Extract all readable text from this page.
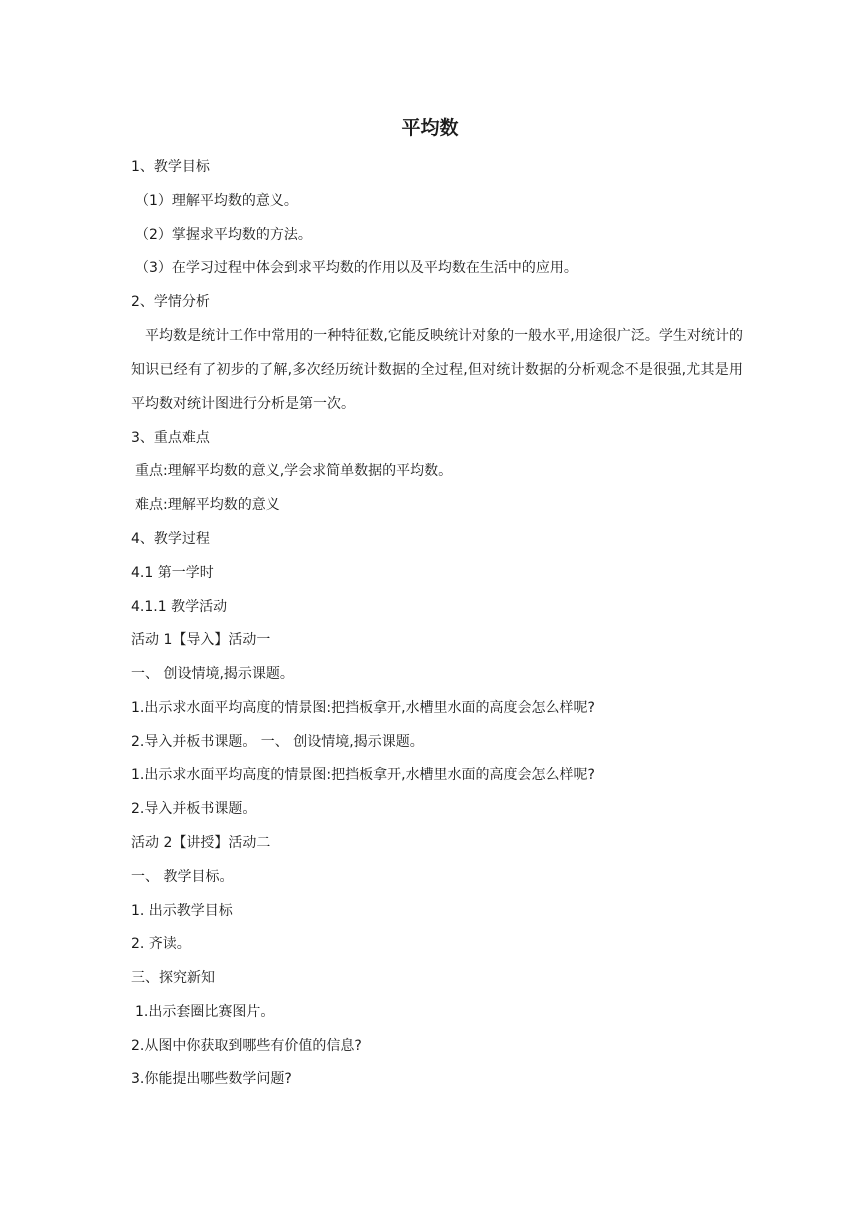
平均数
1、教学目标
（1）理解平均数的意义。
（2）掌握求平均数的方法。
（3）在学习过程中体会到求平均数的作用以及平均数在生活中的应用。
2、学情分析
平均数是统计工作中常用的一种特征数,它能反映统计对象的一般水平,用途很广泛。学生对统计的知识已经有了初步的了解,多次经历统计数据的全过程,但对统计数据的分析观念不是很强,尤其是用平均数对统计图进行分析是第一次。
3、重点难点
重点:理解平均数的意义,学会求简单数据的平均数。
难点:理解平均数的意义
4、教学过程
4.1 第一学时
4.1.1 教学活动
活动 1【导入】活动一
一、 创设情境,揭示课题。
1.出示求水面平均高度的情景图:把挡板拿开,水槽里水面的高度会怎么样呢?
2.导入并板书课题。 一、 创设情境,揭示课题。
1.出示求水面平均高度的情景图:把挡板拿开,水槽里水面的高度会怎么样呢?
2.导入并板书课题。
活动 2【讲授】活动二
一、 教学目标。
1. 出示教学目标
2. 齐读。
三、探究新知
1.出示套圈比赛图片。
2.从图中你获取到哪些有价值的信息?
3.你能提出哪些数学问题?
